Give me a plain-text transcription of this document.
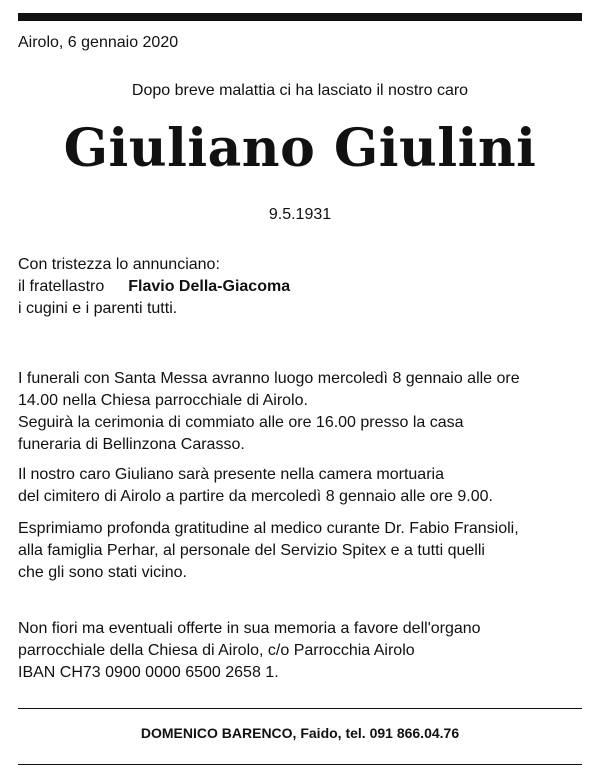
Airolo, 6 gennaio 2020
Dopo breve malattia ci ha lasciato il nostro caro
Giuliano Giulini
9.5.1931
Con tristezza lo annunciano:
il fratellastro Flavio Della-Giacoma
i cugini e i parenti tutti.
I funerali con Santa Messa avranno luogo mercoledì 8 gennaio alle ore
14.00 nella Chiesa parrocchiale di Airolo.
Seguirà la cerimonia di commiato alle ore 16.00 presso la casa
funeraria di Bellinzona Carasso.
Il nostro caro Giuliano sarà presente nella camera mortuaria
del cimitero di Airolo a partire da mercoledì 8 gennaio alle ore 9.00.
Esprimiamo profonda gratitudine al medico curante Dr. Fabio Fransioli,
alla famiglia Perhar, al personale del Servizio Spitex e a tutti quelli
che gli sono stati vicino.
Non fiori ma eventuali offerte in sua memoria a favore dell'organo
parrocchiale della Chiesa di Airolo, c/o Parrocchia Airolo
IBAN CH73 0900 0000 6500 2658 1.
DOMENICO BARENCO, Faido, tel. 091 866.04.76
